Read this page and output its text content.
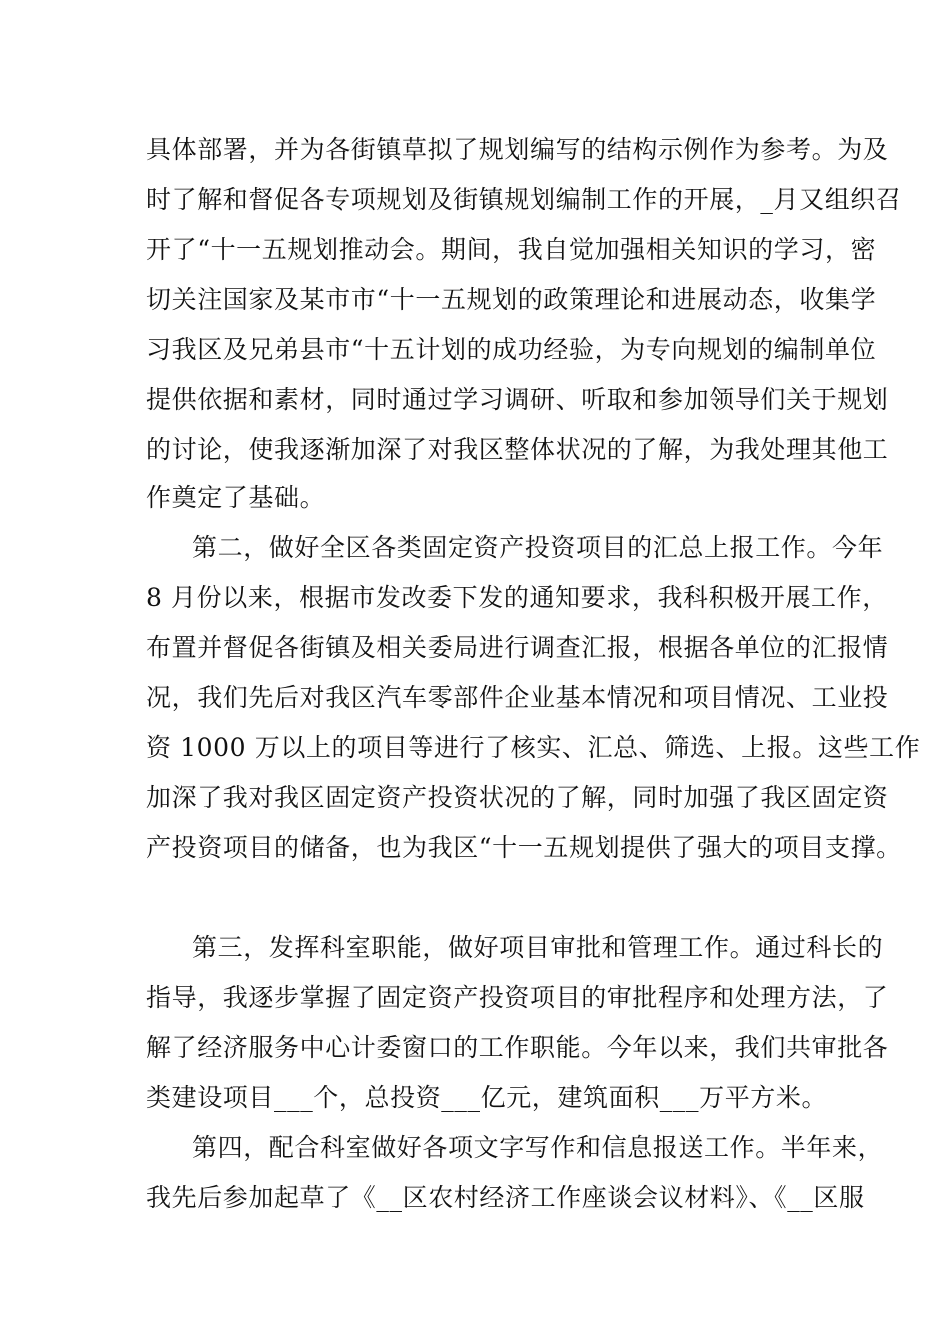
具体部署，并为各街镇草拟了规划编写的结构示例作为参考。为及

时了解和督促各专项规划及街镇规划编制工作的开展，_月又组织召

开了“十一五规划推动会。期间，我自觉加强相关知识的学习，密

切关注国家及某市市“十一五规划的政策理论和进展动态，收集学

习我区及兄弟县市“十五计划的成功经验，为专向规划的编制单位

提供依据和素材，同时通过学习调研、听取和参加领导们关于规划

的讨论，使我逐渐加深了对我区整体状况的了解，为我处理其他工

作奠定了基础。

第二，做好全区各类固定资产投资项目的汇总上报工作。今年

8 月份以来，根据市发改委下发的通知要求，我科积极开展工作，

布置并督促各街镇及相关委局进行调查汇报，根据各单位的汇报情

况，我们先后对我区汽车零部件企业基本情况和项目情况、工业投

资 1000 万以上的项目等进行了核实、汇总、筛选、上报。这些工作

加深了我对我区固定资产投资状况的了解，同时加强了我区固定资

产投资项目的储备，也为我区“十一五规划提供了强大的项目支撑。

第三，发挥科室职能，做好项目审批和管理工作。通过科长的

指导，我逐步掌握了固定资产投资项目的审批程序和处理方法，了

解了经济服务中心计委窗口的工作职能。今年以来，我们共审批各

类建设项目___个，总投资___亿元，建筑面积___万平方米。

第四，配合科室做好各项文字写作和信息报送工作。半年来，

我先后参加起草了《__区农村经济工作座谈会议材料》、《__区服
